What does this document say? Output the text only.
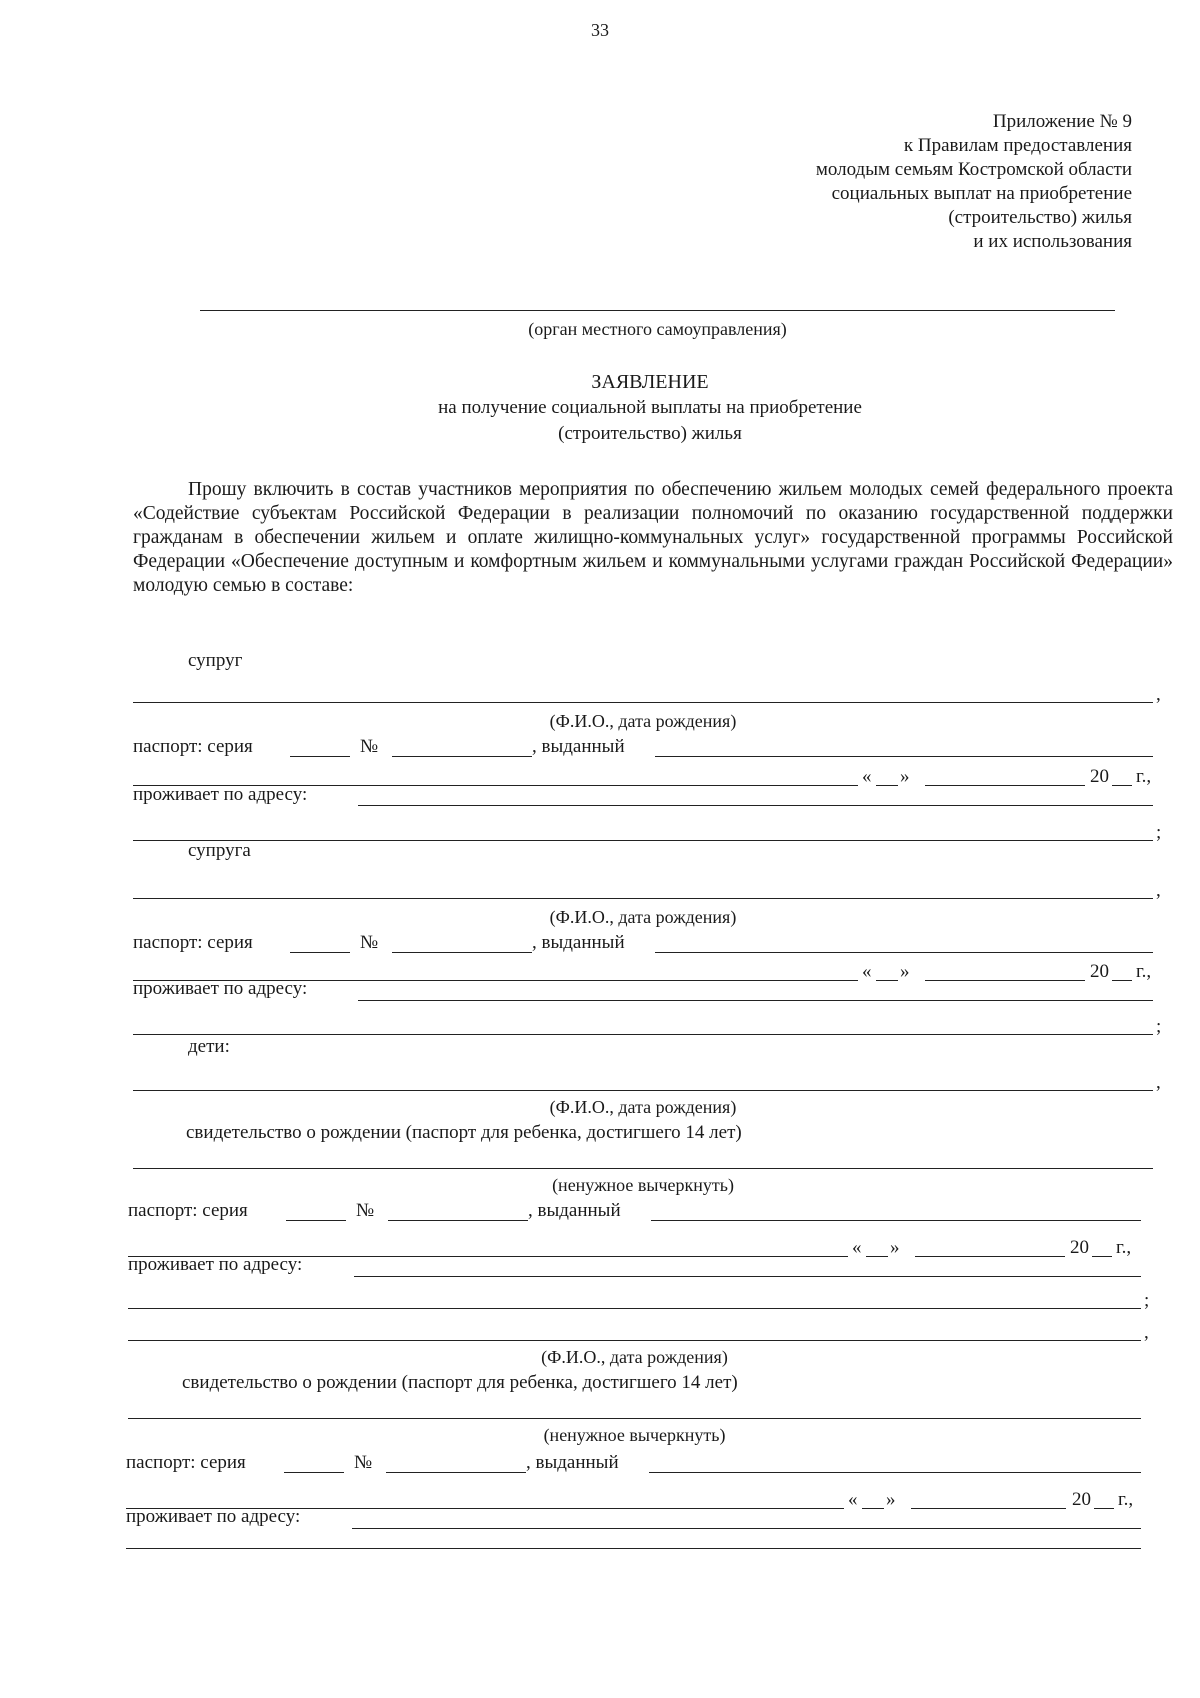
33
Приложение № 9
к Правилам предоставления
молодым семьям Костромской области
социальных выплат на приобретение
(строительство) жилья
и их использования
(орган местного самоуправления)
ЗАЯВЛЕНИЕ
на получение социальной выплаты на приобретение
(строительство) жилья

Прошу включить в состав участников мероприятия по обеспечению жильем молодых семей федерального проекта «Содействие субъектам Российской Федерации в реализации полномочий по оказанию государственной поддержки гражданам в обеспечении жильем и оплате жилищно-коммунальных услуг» государственной программы Российской Федерации «Обеспечение доступным и комфортным жильем и коммунальными услугами граждан Российской Федерации» молодую семью в составе:

супруг
,
(Ф.И.О., дата рождения)
паспорт: серия	№	, выданный
« »	20 г.,
проживает по адресу:
;
супруга
,
(Ф.И.О., дата рождения)
паспорт: серия	№	, выданный
« »	20 г.,
проживает по адресу:
;
дети:
,
(Ф.И.О., дата рождения)
свидетельство о рождении (паспорт для ребенка, достигшего 14 лет)
(ненужное вычеркнуть)
паспорт: серия	№	, выданный
« »	20 г.,
проживает по адресу:
;
,
(Ф.И.О., дата рождения)
свидетельство о рождении (паспорт для ребенка, достигшего 14 лет)
(ненужное вычеркнуть)
паспорт: серия	№	, выданный
« »	20 г.,
проживает по адресу:
